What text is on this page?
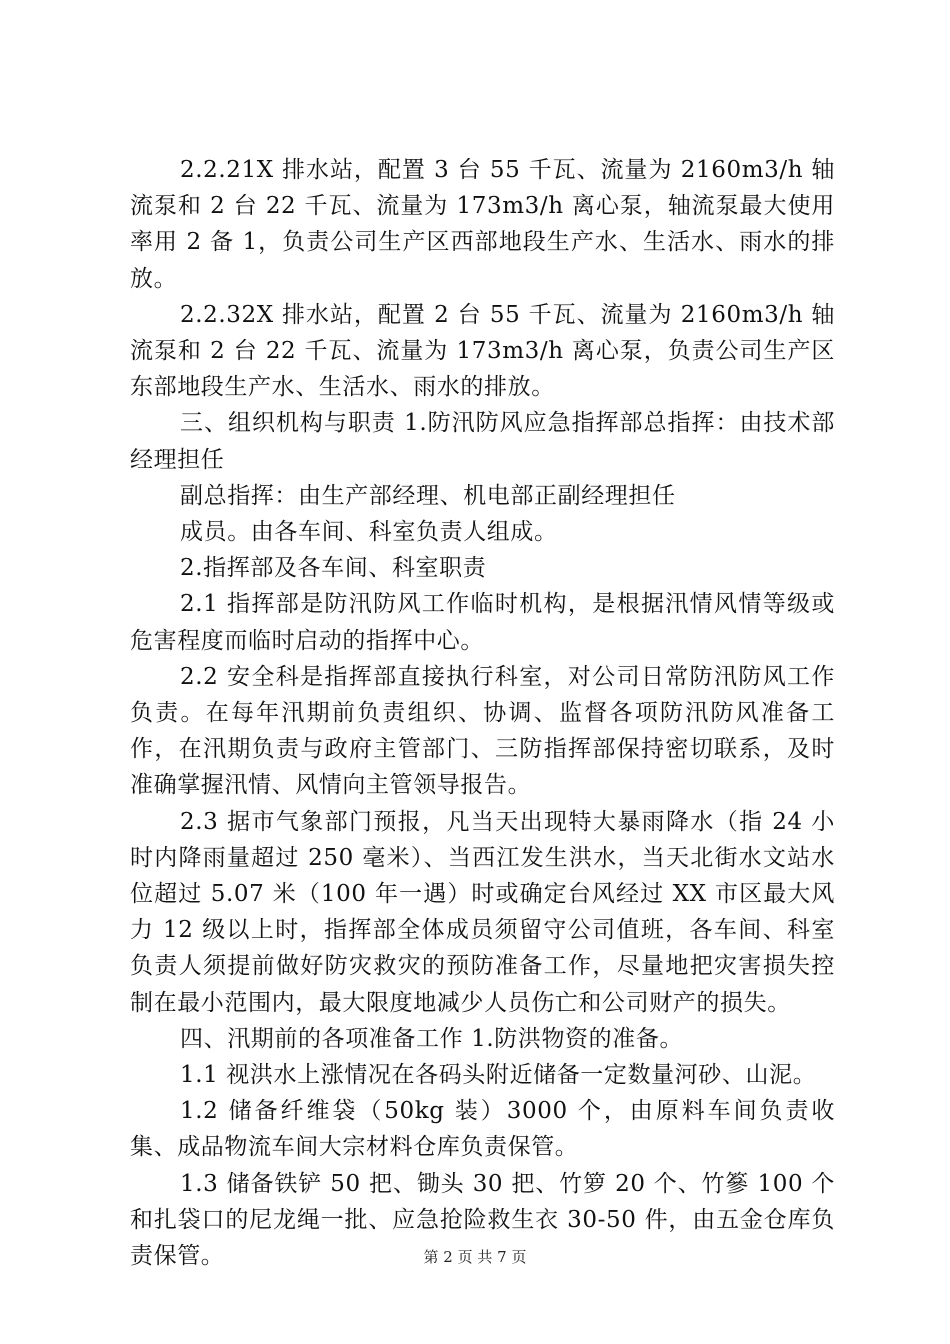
2.2.21X 排水站，配置 3 台 55 千瓦、流量为 2160m3/h 轴流泵和 2 台 22 千瓦、流量为 173m3/h 离心泵，轴流泵最大使用率用 2 备 1，负责公司生产区西部地段生产水、生活水、雨水的排放。

2.2.32X 排水站，配置 2 台 55 千瓦、流量为 2160m3/h 轴流泵和 2 台 22 千瓦、流量为 173m3/h 离心泵，负责公司生产区东部地段生产水、生活水、雨水的排放。

三、组织机构与职责 1.防汛防风应急指挥部总指挥：由技术部经理担任

副总指挥：由生产部经理、机电部正副经理担任

成员。由各车间、科室负责人组成。

2.指挥部及各车间、科室职责

2.1 指挥部是防汛防风工作临时机构，是根据汛情风情等级或危害程度而临时启动的指挥中心。

2.2 安全科是指挥部直接执行科室，对公司日常防汛防风工作负责。在每年汛期前负责组织、协调、监督各项防汛防风准备工作，在汛期负责与政府主管部门、三防指挥部保持密切联系，及时准确掌握汛情、风情向主管领导报告。

2.3 据市气象部门预报，凡当天出现特大暴雨降水（指 24 小时内降雨量超过 250 毫米）、当西江发生洪水，当天北街水文站水位超过 5.07 米（100 年一遇）时或确定台风经过 XX 市区最大风力 12 级以上时，指挥部全体成员须留守公司值班，各车间、科室负责人须提前做好防灾救灾的预防准备工作，尽量地把灾害损失控制在最小范围内，最大限度地减少人员伤亡和公司财产的损失。

四、汛期前的各项准备工作 1.防洪物资的准备。

1.1 视洪水上涨情况在各码头附近储备一定数量河砂、山泥。

1.2 储备纤维袋（50kg 装）3000 个，由原料车间负责收集、成品物流车间大宗材料仓库负责保管。

1.3 储备铁铲 50 把、锄头 30 把、竹箩 20 个、竹篸 100 个和扎袋口的尼龙绳一批、应急抢险救生衣 30-50 件，由五金仓库负责保管。	第 2 页 共 7 页
